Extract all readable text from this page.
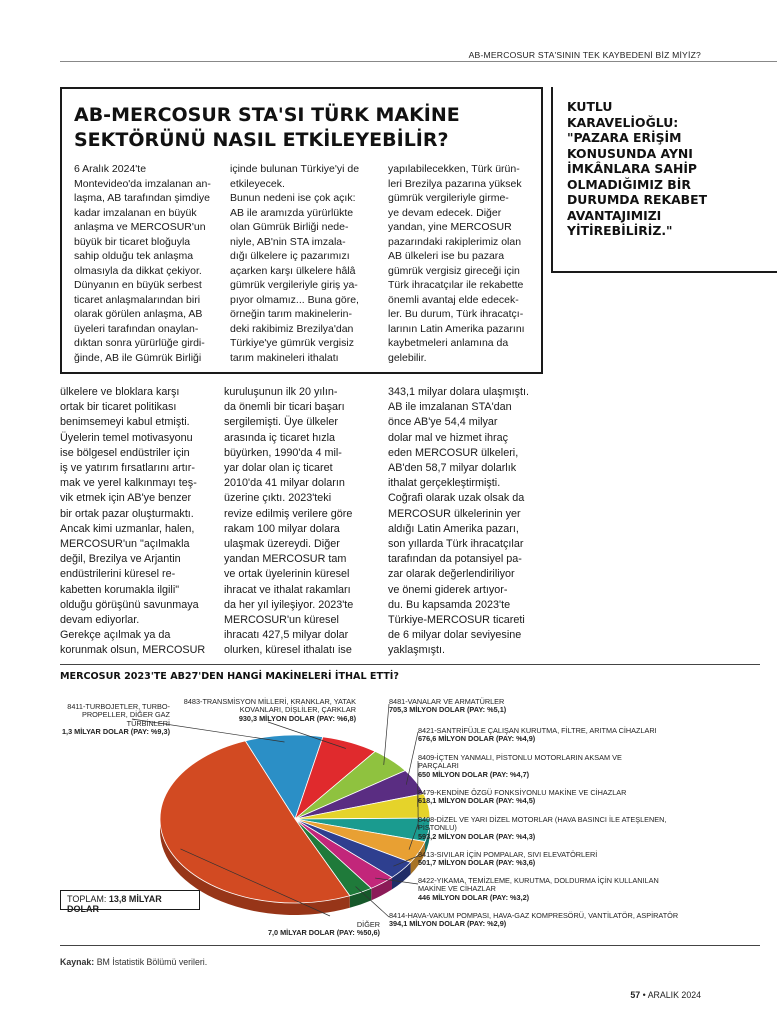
AB-MERCOSUR STA'SININ TEK KAYBEDENİ BİZ MİYİZ?
AB-MERCOSUR STA'SI TÜRK MAKİNE SEKTÖRÜNÜ NASIL ETKİLEYEBİLİR?
6 Aralık 2024'te
Montevideo'da imzalanan an-
laşma, AB tarafından şimdiye
kadar imzalanan en büyük
anlaşma ve MERCOSUR'un
büyük bir ticaret bloğuyla
sahip olduğu tek anlaşma
olmasıyla da dikkat çekiyor.
Dünyanın en büyük serbest
ticaret anlaşmalarından biri
olarak görülen anlaşma, AB
üyeleri tarafından onaylan-
dıktan sonra yürürlüğe girdi-
ğinde, AB ile Gümrük Birliği
içinde bulunan Türkiye'yi de
etkileyecek.
Bunun nedeni ise çok açık:
AB ile aramızda yürürlükte
olan Gümrük Birliği nede-
niyle, AB'nin STA imzala-
dığı ülkelere iç pazarımızı
açarken karşı ülkelere hâlâ
gümrük vergileriyle giriş ya-
pıyor olmamız... Buna göre,
örneğin tarım makinelerin-
deki rakibimiz Brezilya'dan
Türkiye'ye gümrük vergisiz
tarım makineleri ithalatı
yapılabilecekken, Türk ürün-
leri Brezilya pazarına yüksek
gümrük vergileriyle girme-
ye devam edecek. Diğer
yandan, yine MERCOSUR
pazarındaki rakiplerimiz olan
AB ülkeleri ise bu pazara
gümrük vergisiz gireceği için
Türk ihracatçılar ile rekabette
önemli avantaj elde edecek-
ler. Bu durum, Türk ihracatçı-
larının Latin Amerika pazarını
kaybetmeleri anlamına da
gelebilir.
KUTLU
KARAVELİOĞLU:
"PAZARA ERİŞİM
KONUSUNDA AYNI
İMKÂNLARA SAHİP
OLMADIĞIMIZ BİR
DURUMDA REKABET
AVANTAJIMIZI
YİTİREBİLİRİZ."
ülkelere ve bloklara karşı
ortak bir ticaret politikası
benimsemeyi kabul etmişti.
Üyelerin temel motivasyonu
ise bölgesel endüstriler için
iş ve yatırım fırsatlarını artır-
mak ve yerel kalkınmayı teş-
vik etmek için AB'ye benzer
bir ortak pazar oluşturmaktı.
Ancak kimi uzmanlar, halen,
MERCOSUR'un "açılmakla
değil, Brezilya ve Arjantin
endüstrilerini küresel re-
kabetten korumakla ilgili"
olduğu görüşünü savunmaya
devam ediyorlar.
Gerekçe açılmak ya da
korunmak olsun, MERCOSUR
kuruluşunun ilk 20 yılın-
da önemli bir ticari başarı
sergilemişti. Üye ülkeler
arasında iç ticaret hızla
büyürken, 1990'da 4 mil-
yar dolar olan iç ticaret
2010'da 41 milyar doların
üzerine çıktı. 2023'teki
revize edilmiş verilere göre
rakam 100 milyar dolara
ulaşmak üzereydi. Diğer
yandan MERCOSUR tam
ve ortak üyelerinin küresel
ihracat ve ithalat rakamları
da her yıl iyileşiyor. 2023'te
MERCOSUR'un küresel
ihracatı 427,5 milyar dolar
olurken, küresel ithalatı ise
343,1 milyar dolara ulaşmıştı.
AB ile imzalanan STA'dan
önce AB'ye 54,4 milyar
dolar mal ve hizmet ihraç
eden MERCOSUR ülkeleri,
AB'den 58,7 milyar dolarlık
ithalat gerçekleştirmişti.
Coğrafi olarak uzak olsak da
MERCOSUR ülkelerinin yer
aldığı Latin Amerika pazarı,
son yıllarda Türk ihracatçılar
tarafından da potansiyel pa-
zar olarak değerlendiriliyor
ve önemi giderek artıyor-
du. Bu kapsamda 2023'te
Türkiye-MERCOSUR ticareti
de 6 milyar dolar seviyesine
yaklaşmıştı.
MERCOSUR 2023'TE AB27'DEN HANGİ MAKİNELERİ İTHAL ETTİ?
8411-TURBOJETLER, TURBO-PROPELLER, DİĞER GAZ TÜRBİNLERİ
1,3 MİLYAR DOLAR (PAY: %9,3)
8483-TRANSMİSYON MİLLERİ, KRANKLAR, YATAK KOVANLARI, DİŞLİLER, ÇARKLAR
930,3 MİLYON DOLAR (PAY: %6,8)
8481-VANALAR VE ARMATÜRLER
705,3 MİLYON DOLAR (PAY: %5,1)
8421-SANTRİFÜJLE ÇALIŞAN KURUTMA, FİLTRE, ARITMA CİHAZLARI
676,6 MİLYON DOLAR (PAY: %4,9)
8409-İÇTEN YANMALI, PİSTONLU MOTORLARIN AKSAM VE PARÇALARI
650 MİLYON DOLAR (PAY: %4,7)
8479-KENDİNE ÖZGÜ FONKSİYONLU MAKİNE VE CİHAZLAR
618,1 MİLYON DOLAR (PAY: %4,5)
8408-DİZEL VE YARI DİZEL MOTORLAR (HAVA BASINCI İLE ATEŞLENEN, PİSTONLU)
593,2 MİLYON DOLAR (PAY: %4,3)
8413-SIVILAR İÇİN POMPALAR, SIVI ELEVATÖRLERİ
501,7 MİLYON DOLAR (PAY: %3,6)
8422-YIKAMA, TEMİZLEME, KURUTMA, DOLDURMA İÇİN KULLANILAN MAKİNE VE CİHAZLAR
446 MİLYON DOLAR (PAY: %3,2)
8414-HAVA-VAKUM POMPASI, HAVA-GAZ KOMPRESÖRÜ, VANTİLATÖR, ASPİRATÖR
394,1 MİLYON DOLAR (PAY: %2,9)
DİĞER
7,0 MİLYAR DOLAR (PAY: %50,6)
TOPLAM: 13,8 MİLYAR DOLAR
Kaynak: BM İstatistik Bölümü verileri.
57 • ARALIK 2024
